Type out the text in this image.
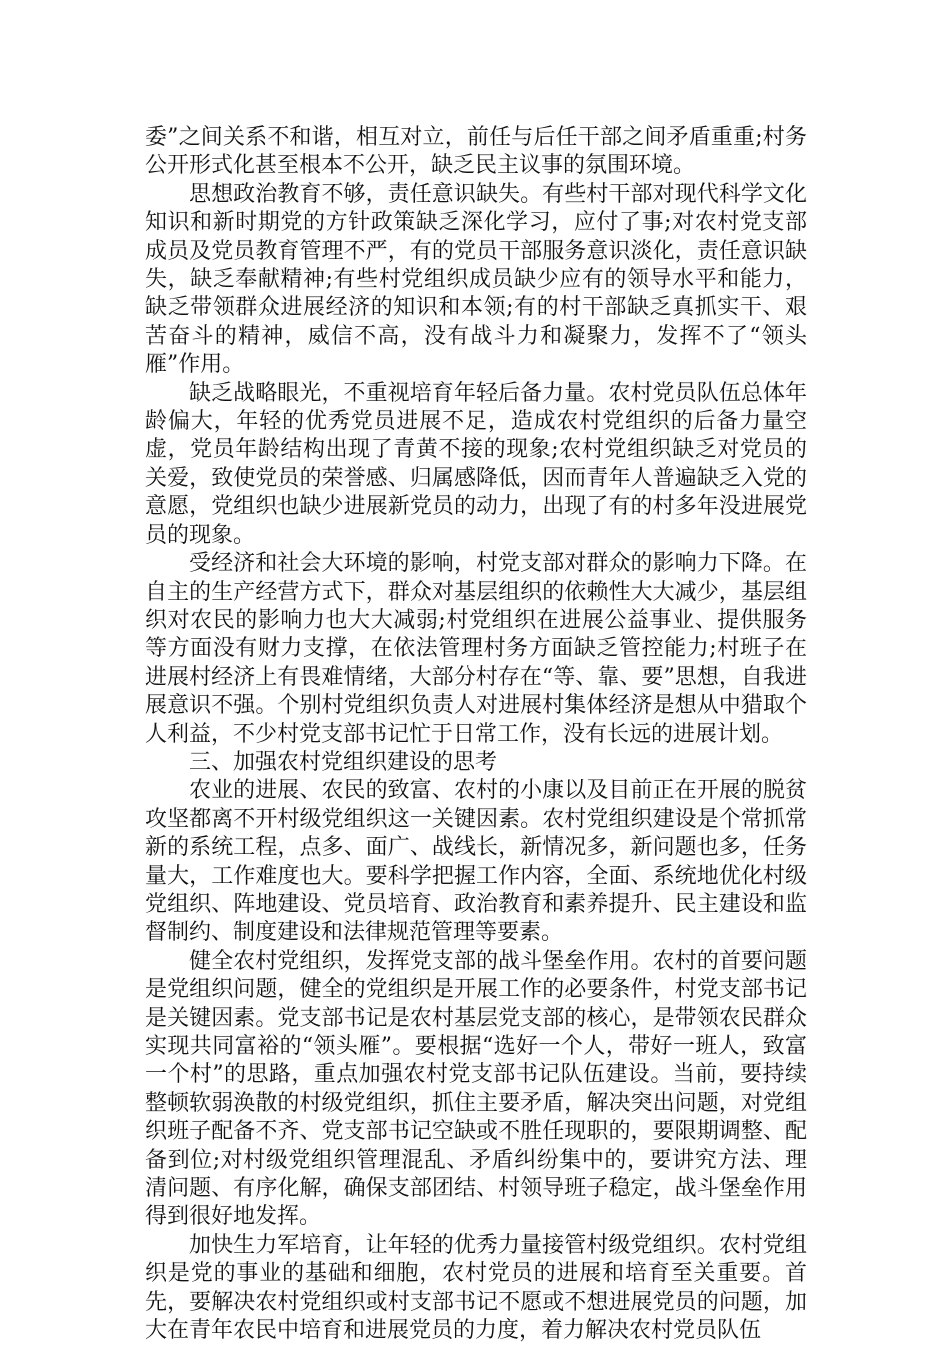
委”之间关系不和谐，相互对立，前任与后任干部之间矛盾重重;村务公开形式化甚至根本不公开，缺乏民主议事的氛围环境。

思想政治教育不够，责任意识缺失。有些村干部对现代科学文化知识和新时期党的方针政策缺乏深化学习，应付了事;对农村党支部成员及党员教育管理不严，有的党员干部服务意识淡化，责任意识缺失，缺乏奉献精神;有些村党组织成员缺少应有的领导水平和能力，缺乏带领群众进展经济的知识和本领;有的村干部缺乏真抓实干、艰苦奋斗的精神，威信不高，没有战斗力和凝聚力，发挥不了“领头雁”作用。

缺乏战略眼光，不重视培育年轻后备力量。农村党员队伍总体年龄偏大，年轻的优秀党员进展不足，造成农村党组织的后备力量空虚，党员年龄结构出现了青黄不接的现象;农村党组织缺乏对党员的关爱，致使党员的荣誉感、归属感降低，因而青年人普遍缺乏入党的意愿，党组织也缺少进展新党员的动力，出现了有的村多年没进展党员的现象。

受经济和社会大环境的影响，村党支部对群众的影响力下降。在自主的生产经营方式下，群众对基层组织的依赖性大大减少，基层组织对农民的影响力也大大减弱;村党组织在进展公益事业、提供服务等方面没有财力支撑，在依法管理村务方面缺乏管控能力;村班子在进展村经济上有畏难情绪，大部分村存在“等、靠、要”思想，自我进展意识不强。个别村党组织负责人对进展村集体经济是想从中猎取个人利益，不少村党支部书记忙于日常工作，没有长远的进展计划。

三、加强农村党组织建设的思考

农业的进展、农民的致富、农村的小康以及目前正在开展的脱贫攻坚都离不开村级党组织这一关键因素。农村党组织建设是个常抓常新的系统工程，点多、面广、战线长，新情况多，新问题也多，任务量大，工作难度也大。要科学把握工作内容，全面、系统地优化村级党组织、阵地建设、党员培育、政治教育和素养提升、民主建设和监督制约、制度建设和法律规范管理等要素。

健全农村党组织，发挥党支部的战斗堡垒作用。农村的首要问题是党组织问题，健全的党组织是开展工作的必要条件，村党支部书记是关键因素。党支部书记是农村基层党支部的核心，是带领农民群众实现共同富裕的“领头雁”。要根据“选好一个人，带好一班人，致富一个村”的思路，重点加强农村党支部书记队伍建设。当前，要持续整顿软弱涣散的村级党组织，抓住主要矛盾，解决突出问题，对党组织班子配备不齐、党支部书记空缺或不胜任现职的，要限期调整、配备到位;对村级党组织管理混乱、矛盾纠纷集中的，要讲究方法、理清问题、有序化解，确保支部团结、村领导班子稳定，战斗堡垒作用得到很好地发挥。

加快生力军培育，让年轻的优秀力量接管村级党组织。农村党组织是党的事业的基础和细胞，农村党员的进展和培育至关重要。首先，要解决农村党组织或村支部书记不愿或不想进展党员的问题，加大在青年农民中培育和进展党员的力度，着力解决农村党员队伍
